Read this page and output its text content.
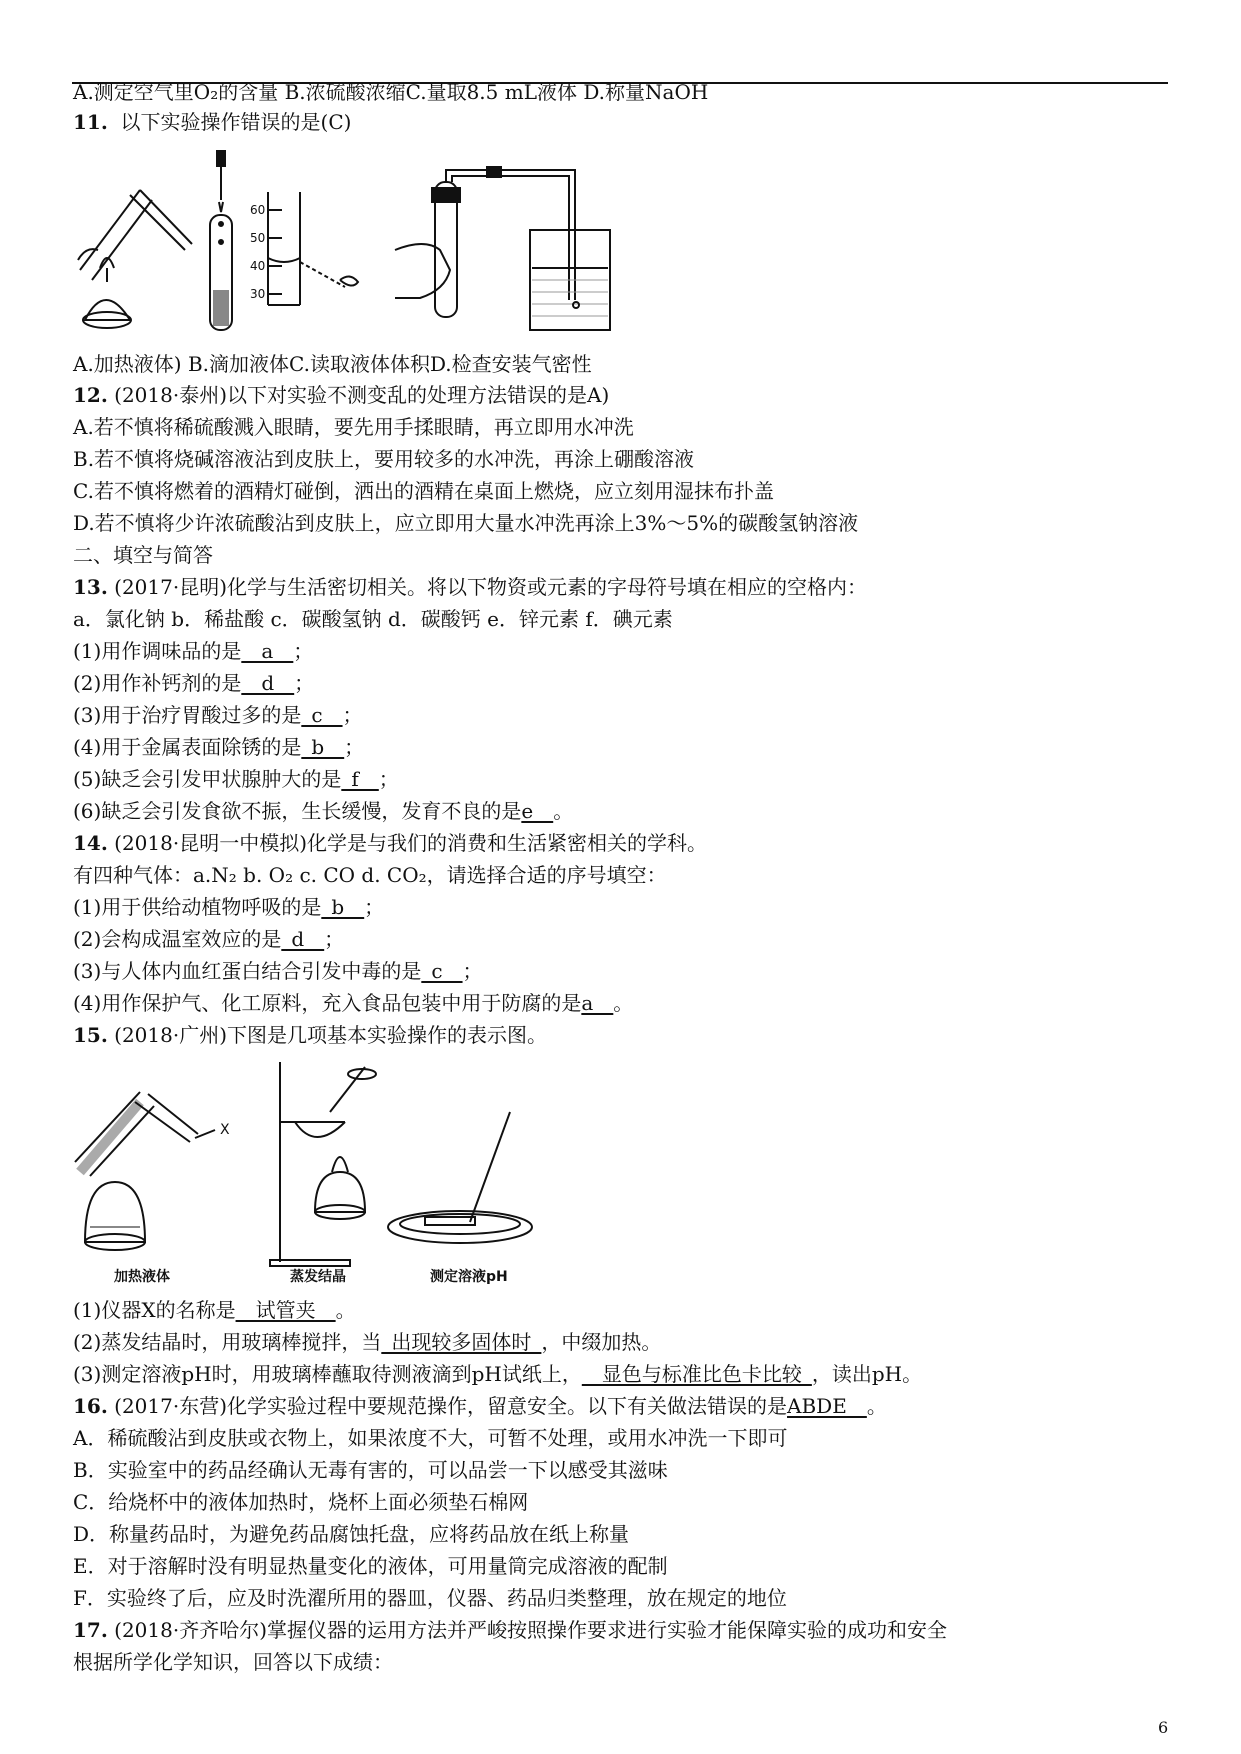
A.测定空气里O₂的含量 B.浓硫酸浓缩C.量取8.5 mL液体 D.称量NaOH
11. 以下实验操作错误的是(C)
60
50
40
30
A.加热液体) B.滴加液体C.读取液体体积D.检查安装气密性
12. (2018·泰州)以下对实验不测变乱的处理方法错误的是A)
A.若不慎将稀硫酸溅入眼睛，要先用手揉眼睛，再立即用水冲洗
B.若不慎将烧碱溶液沾到皮肤上，要用较多的水冲洗，再涂上硼酸溶液
C.若不慎将燃着的酒精灯碰倒，洒出的酒精在桌面上燃烧，应立刻用湿抹布扑盖
D.若不慎将少许浓硫酸沾到皮肤上，应立即用大量水冲洗再涂上3%～5%的碳酸氢钠溶液
二、填空与简答
13. (2017·昆明)化学与生活密切相关。将以下物资或元素的字母符号填在相应的空格内：
a．氯化钠 b．稀盐酸 c．碳酸氢钠 d．碳酸钙 e．锌元素 f．碘元素
(1)用作调味品的是__a__；
(2)用作补钙剂的是__d__；
(3)用于治疗胃酸过多的是_c__；
(4)用于金属表面除锈的是_b__；
(5)缺乏会引发甲状腺肿大的是_f__；
(6)缺乏会引发食欲不振，生长缓慢，发育不良的是e__。
14. (2018·昆明一中模拟)化学是与我们的消费和生活紧密相关的学科。
有四种气体：a.N₂ b. O₂ c. CO d. CO₂，请选择合适的序号填空：
(1)用于供给动植物呼吸的是_b__；
(2)会构成温室效应的是_d__；
(3)与人体内血红蛋白结合引发中毒的是_c__；
(4)用作保护气、化工原料，充入食品包装中用于防腐的是a__。
15. (2018·广州)下图是几项基本实验操作的表示图。
X
加热液体	蒸发结晶	测定溶液pH
(1)仪器X的名称是__试管夹__。
(2)蒸发结晶时，用玻璃棒搅拌，当_出现较多固体时_，中缀加热。
(3)测定溶液pH时，用玻璃棒蘸取待测液滴到pH试纸上，__显色与标准比色卡比较_，读出pH。
16. (2017·东营)化学实验过程中要规范操作，留意安全。以下有关做法错误的是ABDE__。
A．稀硫酸沾到皮肤或衣物上，如果浓度不大，可暂不处理，或用水冲洗一下即可
B．实验室中的药品经确认无毒有害的，可以品尝一下以感受其滋味
C．给烧杯中的液体加热时，烧杯上面必须垫石棉网
D．称量药品时，为避免药品腐蚀托盘，应将药品放在纸上称量
E．对于溶解时没有明显热量变化的液体，可用量筒完成溶液的配制
F．实验终了后，应及时洗濯所用的器皿，仪器、药品归类整理，放在规定的地位
17. (2018·齐齐哈尔)掌握仪器的运用方法并严峻按照操作要求进行实验才能保障实验的成功和安全
根据所学化学知识，回答以下成绩：
6
